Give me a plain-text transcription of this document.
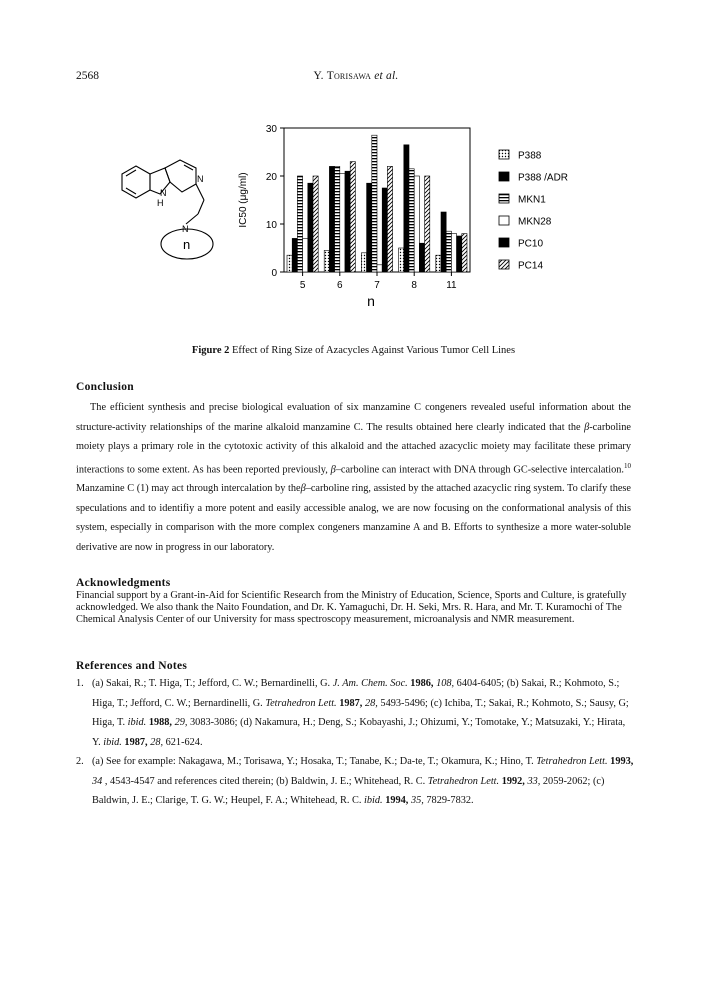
2568	Y. Torisawa et al.
H
N
N
N
n
0
10
20
30
IC50 (μg/ml)
5	6	7	8	11
n
P388
P388 /ADR
MKN1
MKN28
PC10
PC14
Figure 2 Effect of Ring Size of Azacycles Against Various Tumor Cell Lines
Conclusion
The efficient synthesis and precise biological evaluation of six manzamine C congeners revealed useful information about the structure-activity relationships of the marine alkaloid manzamine C. The results obtained here clearly indicated that the β-carboline moiety plays a primary role in the cytotoxic activity of this alkaloid and the attached azacyclic moiety may facilitate these primary interactions to some extent. As has been reported previously, β–carboline can interact with DNA through GC-selective intercalation.$^{10}$ Manzamine C (1) may act through intercalation by theβ–carboline ring, assisted by the attached azacyclic ring system. To clarify these speculations and to identifiy a more potent and easily accessible analog, we are now focusing on the conformational analysis of this system, especially in comparison with the more complex congeners manzamine A and B. Efforts to synthesize a more water-soluble derivative are now in progress in our laboratory.
Acknowledgments
Financial support by a Grant-in-Aid for Scientific Research from the Ministry of Education, Science, Sports and Culture, is gratefully acknowledged. We also thank the Naito Foundation, and Dr. K. Yamaguchi, Dr. H. Seki, Mrs. R. Hara, and Mr. T. Kuramochi of The Chemical Analysis Center of our University for mass spectroscopy measurement, microanalysis and NMR measurement.
References and Notes
1. (a) Sakai, R.; T. Higa, T.; Jefford, C. W.; Bernardinelli, G. J. Am. Chem. Soc. 1986, 108, 6404-6405; (b) Sakai, R.; Kohmoto, S.; Higa, T.; Jefford, C. W.; Bernardinelli, G. Tetrahedron Lett. 1987, 28, 5493-5496; (c) Ichiba, T.; Sakai, R.; Kohmoto, S.; Sausy, G; Higa, T. ibid. 1988, 29, 3083-3086; (d) Nakamura, H.; Deng, S.; Kobayashi, J.; Ohizumi, Y.; Tomotake, Y.; Matsuzaki, Y.; Hirata, Y. ibid. 1987, 28, 621-624.
2. (a) See for example: Nakagawa, M.; Torisawa, Y.; Hosaka, T.; Tanabe, K.; Da-te, T.; Okamura, K.; Hino, T. Tetrahedron Lett. 1993, 34 , 4543-4547 and references cited therein; (b) Baldwin, J. E.; Whitehead, R. C. Tetrahedron Lett. 1992, 33, 2059-2062; (c) Baldwin, J. E.; Clarige, T. G. W.; Heupel, F. A.; Whitehead, R. C. ibid. 1994, 35, 7829-7832.
